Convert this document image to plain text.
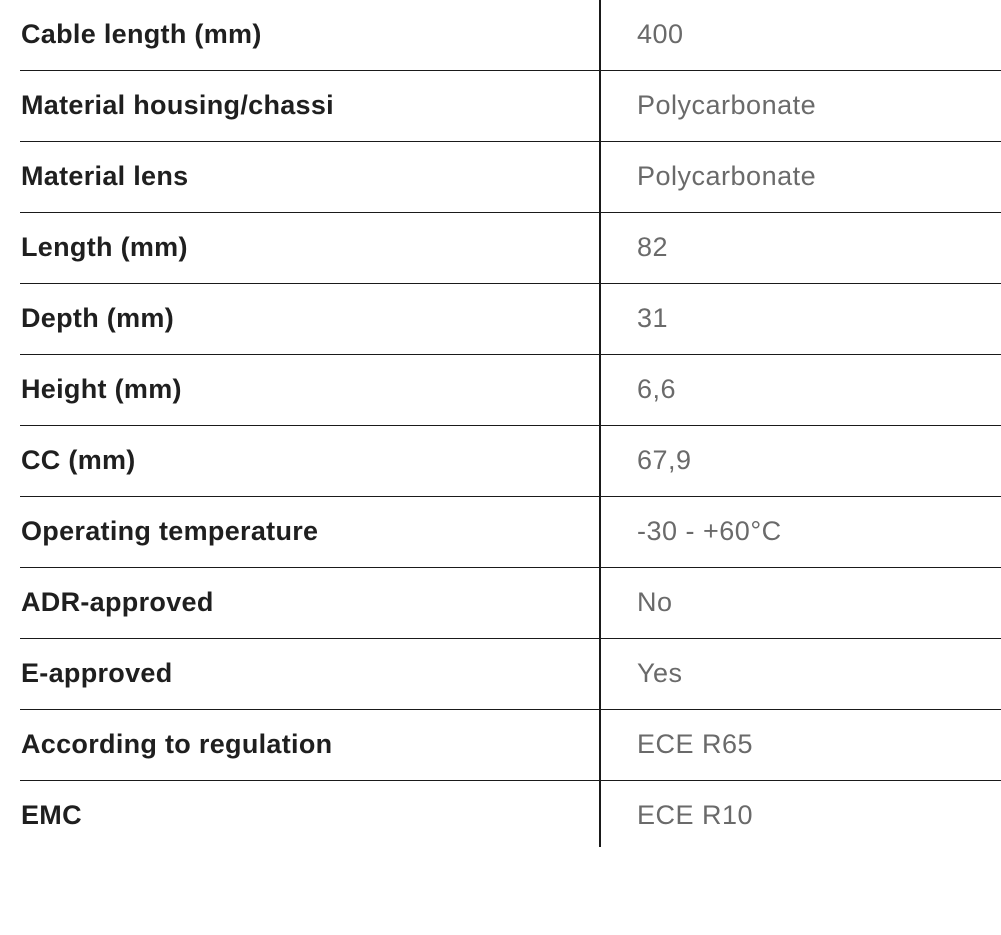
Cable length (mm)	400
Material housing/chassi	Polycarbonate
Material lens	Polycarbonate
Length (mm)	82
Depth (mm)	31
Height (mm)	6,6
CC (mm)	67,9
Operating temperature	-30 - +60°C
ADR-approved	No
E-approved	Yes
According to regulation	ECE R65
EMC	ECE R10
